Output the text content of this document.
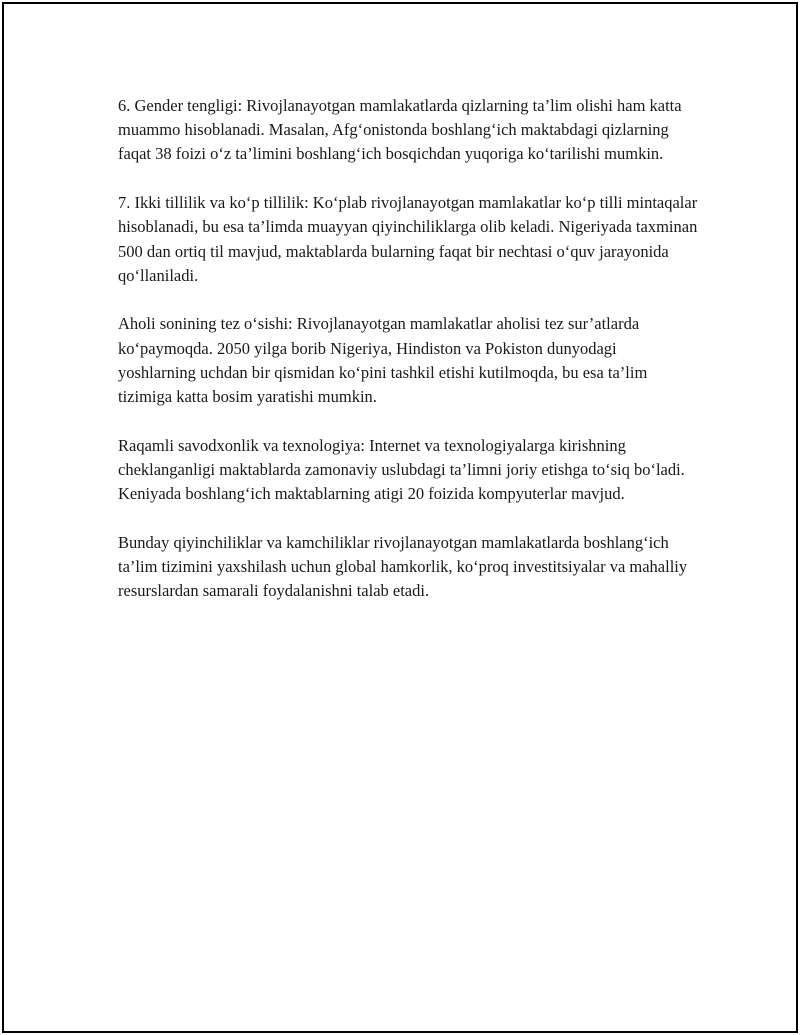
6. Gender tengligi: Rivojlanayotgan mamlakatlarda qizlarning ta’lim olishi ham katta muammo hisoblanadi. Masalan, Afg‘onistonda boshlang‘ich maktabdagi qizlarning faqat 38 foizi o‘z ta’limini boshlang‘ich bosqichdan yuqoriga ko‘tarilishi mumkin.

7. Ikki tillilik va ko‘p tillilik: Ko‘plab rivojlanayotgan mamlakatlar ko‘p tilli mintaqalar hisoblanadi, bu esa ta’limda muayyan qiyinchiliklarga olib keladi. Nigeriyada taxminan 500 dan ortiq til mavjud, maktablarda bularning faqat bir nechtasi o‘quv jarayonida qo‘llaniladi.

Aholi sonining tez o‘sishi: Rivojlanayotgan mamlakatlar aholisi tez sur’atlarda ko‘paymoqda. 2050 yilga borib Nigeriya, Hindiston va Pokiston dunyodagi yoshlarning uchdan bir qismidan ko‘pini tashkil etishi kutilmoqda, bu esa ta’lim tizimiga katta bosim yaratishi mumkin.

Raqamli savodxonlik va texnologiya: Internet va texnologiyalarga kirishning cheklanganligi maktablarda zamonaviy uslubdagi ta’limni joriy etishga to‘siq bo‘ladi. Keniyada boshlang‘ich maktablarning atigi 20 foizida kompyuterlar mavjud.

Bunday qiyinchiliklar va kamchiliklar rivojlanayotgan mamlakatlarda boshlang‘ich ta’lim tizimini yaxshilash uchun global hamkorlik, ko‘proq investitsiyalar va mahalliy resurslardan samarali foydalanishni talab etadi.
